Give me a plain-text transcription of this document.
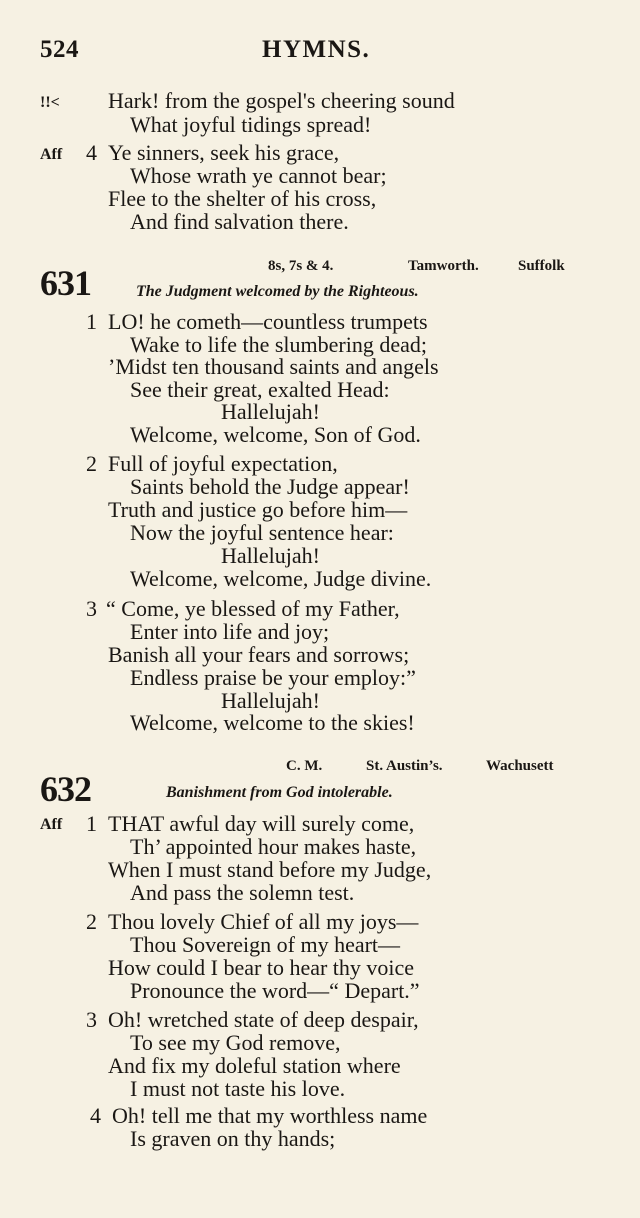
524	HYMNS.
!!< Hark! from the gospel's cheering sound
What joyful tidings spread!
Aff 4 Ye sinners, seek his grace,
Whose wrath ye cannot bear;
Flee to the shelter of his cross,
And find salvation there.
8s, 7s & 4.	Tamworth.	Suffolk
631	The Judgment welcomed by the Righteous.
1 LO! he cometh—countless trumpets
Wake to life the slumbering dead;
’Midst ten thousand saints and angels
See their great, exalted Head:
Hallelujah!
Welcome, welcome, Son of God.
2 Full of joyful expectation,
Saints behold the Judge appear!
Truth and justice go before him—
Now the joyful sentence hear:
Hallelujah!
Welcome, welcome, Judge divine.
3 “ Come, ye blessed of my Father,
Enter into life and joy;
Banish all your fears and sorrows;
Endless praise be your employ:”
Hallelujah!
Welcome, welcome to the skies!
C. M.	St. Austin’s.	Wachusett
632	Banishment from God intolerable.
Aff 1 THAT awful day will surely come,
Th’ appointed hour makes haste,
When I must stand before my Judge,
And pass the solemn test.
2 Thou lovely Chief of all my joys—
Thou Sovereign of my heart—
How could I bear to hear thy voice
Pronounce the word—“ Depart.”
3 Oh! wretched state of deep despair,
To see my God remove,
And fix my doleful station where
I must not taste his love.
4 Oh! tell me that my worthless name
Is graven on thy hands;
